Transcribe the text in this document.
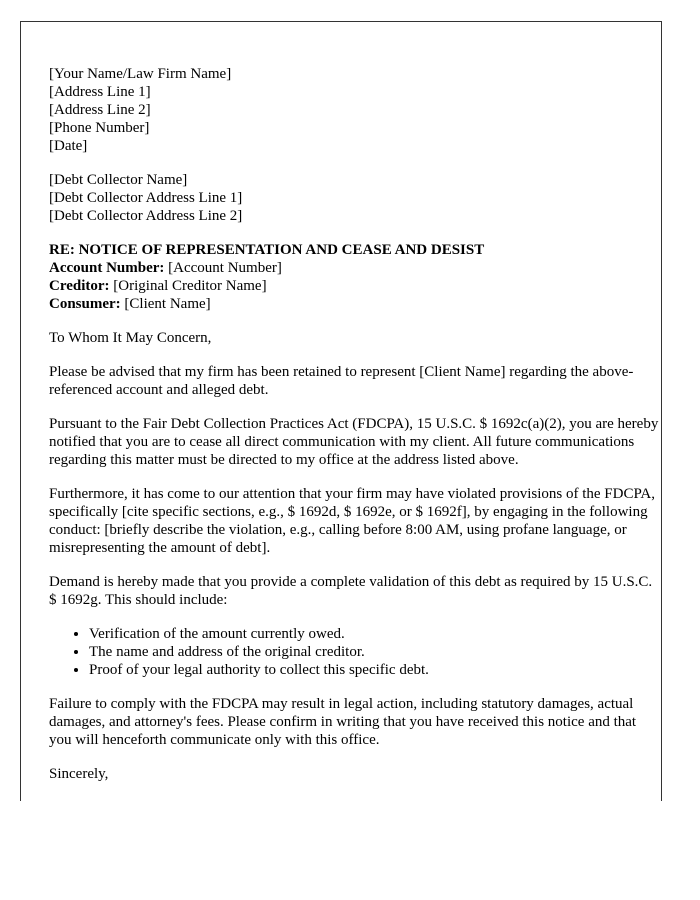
[Your Name/Law Firm Name]
[Address Line 1]
[Address Line 2]
[Phone Number]
[Date]

[Debt Collector Name]
[Debt Collector Address Line 1]
[Debt Collector Address Line 2]

RE: NOTICE OF REPRESENTATION AND CEASE AND DESIST
Account Number: [Account Number]
Creditor: [Original Creditor Name]
Consumer: [Client Name]

To Whom It May Concern,

Please be advised that my firm has been retained to represent [Client Name] regarding the above-referenced account and alleged debt.

Pursuant to the Fair Debt Collection Practices Act (FDCPA), 15 U.S.C. $ 1692c(a)(2), you are hereby notified that you are to cease all direct communication with my client. All future communications regarding this matter must be directed to my office at the address listed above.

Furthermore, it has come to our attention that your firm may have violated provisions of the FDCPA, specifically [cite specific sections, e.g., $ 1692d, $ 1692e, or $ 1692f], by engaging in the following conduct: [briefly describe the violation, e.g., calling before 8:00 AM, using profane language, or misrepresenting the amount of debt].

Demand is hereby made that you provide a complete validation of this debt as required by 15 U.S.C. $ 1692g. This should include:

• Verification of the amount currently owed.
• The name and address of the original creditor.
• Proof of your legal authority to collect this specific debt.

Failure to comply with the FDCPA may result in legal action, including statutory damages, actual damages, and attorney's fees. Please confirm in writing that you have received this notice and that you will henceforth communicate only with this office.

Sincerely,
